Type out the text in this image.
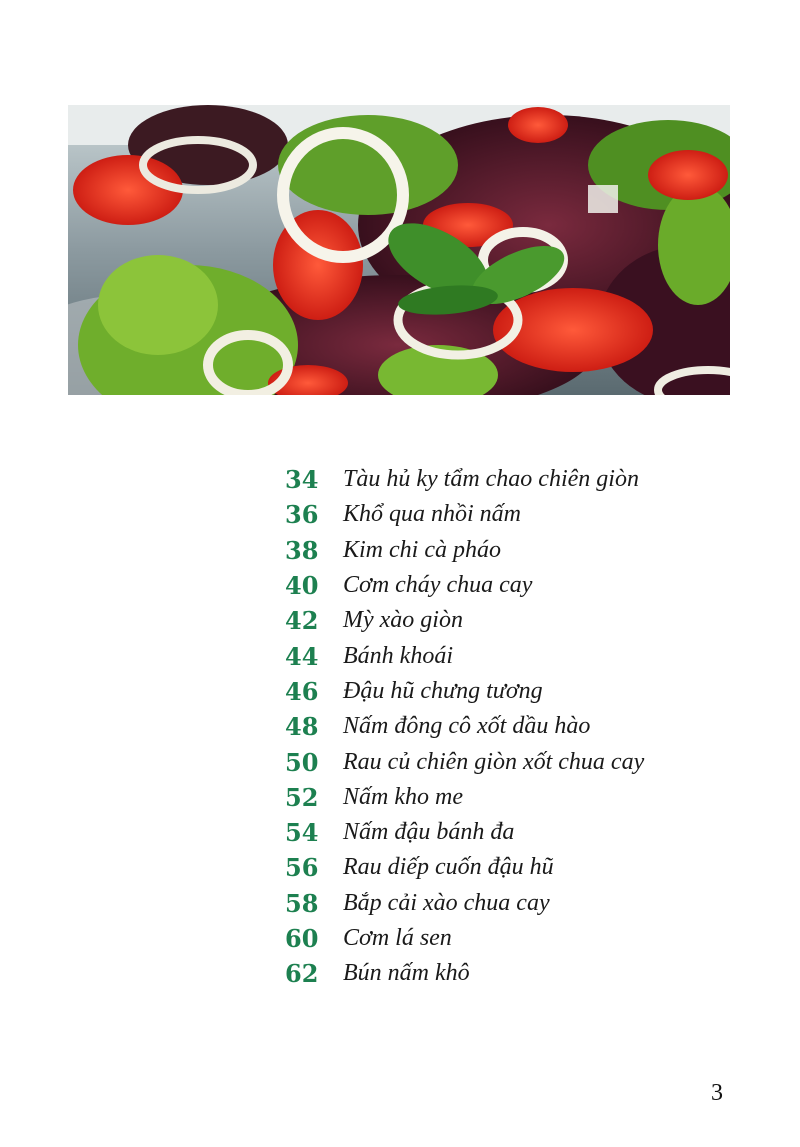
34	Tàu hủ ky tẩm chao chiên giòn
36	Khổ qua nhồi nấm
38	Kim chi cà pháo
40	Cơm cháy chua cay
42	Mỳ xào giòn
44	Bánh khoái
46	Đậu hũ chưng tương
48	Nấm đông cô xốt dầu hào
50	Rau củ chiên giòn xốt chua cay
52	Nấm kho me
54	Nấm đậu bánh đa
56	Rau diếp cuốn đậu hũ
58	Bắp cải xào chua cay
60	Cơm lá sen
62	Bún nấm khô
3
